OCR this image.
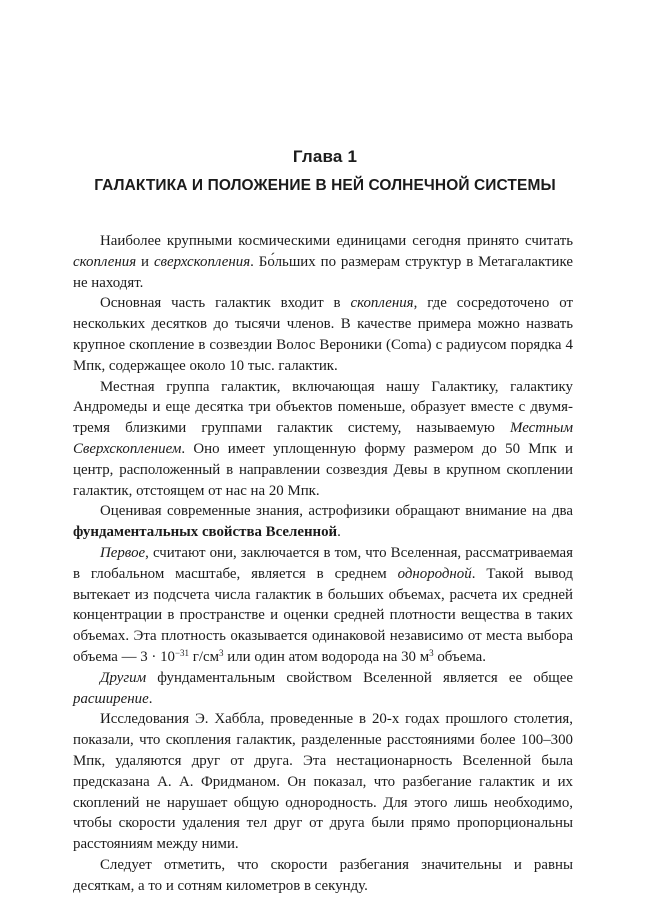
Глава 1
ГАЛАКТИКА И ПОЛОЖЕНИЕ В НЕЙ СОЛНЕЧНОЙ СИСТЕМЫ

Наиболее крупными космическими единицами сегодня принято считать скопления и сверхскопления. Бо́льших по размерам структур в Метагалактике не находят.

Основная часть галактик входит в скопления, где сосредоточено от нескольких десятков до тысячи членов. В качестве примера можно назвать крупное скопление в созвездии Волос Вероники (Coma) с радиусом порядка 4 Мпк, содержащее около 10 тыс. галактик.

Местная группа галактик, включающая нашу Галактику, галактику Андромеды и еще десятка три объектов поменьше, образует вместе с двумя-тремя близкими группами галактик систему, называемую Местным Сверхскоплением. Оно имеет уплощенную форму размером до 50 Мпк и центр, расположенный в направлении созвездия Девы в крупном скоплении галактик, отстоящем от нас на 20 Мпк.

Оценивая современные знания, астрофизики обращают внимание на два фундаментальных свойства Вселенной.

Первое, считают они, заключается в том, что Вселенная, рассматриваемая в глобальном масштабе, является в среднем однородной. Такой вывод вытекает из подсчета числа галактик в больших объемах, расчета их средней концентрации в пространстве и оценки средней плотности вещества в таких объемах. Эта плотность оказывается одинаковой независимо от места выбора объема — $3 \cdot 10^{-31}$ $г/см^3$ или один атом водорода на 30 $м^3$ объема.

Другим фундаментальным свойством Вселенной является ее общее расширение.

Исследования Э. Хаббла, проведенные в 20-х годах прошлого столетия, показали, что скопления галактик, разделенные расстояниями более 100–300 Мпк, удаляются друг от друга. Эта нестационарность Вселенной была предсказана А. А. Фридманом. Он показал, что разбегание галактик и их скоплений не нарушает общую однородность. Для этого лишь необходимо, чтобы скорости удаления тел друг от друга были прямо пропорциональны расстояниям между ними.

Следует отметить, что скорости разбегания значительны и равны десяткам, а то и сотням километров в секунду.
